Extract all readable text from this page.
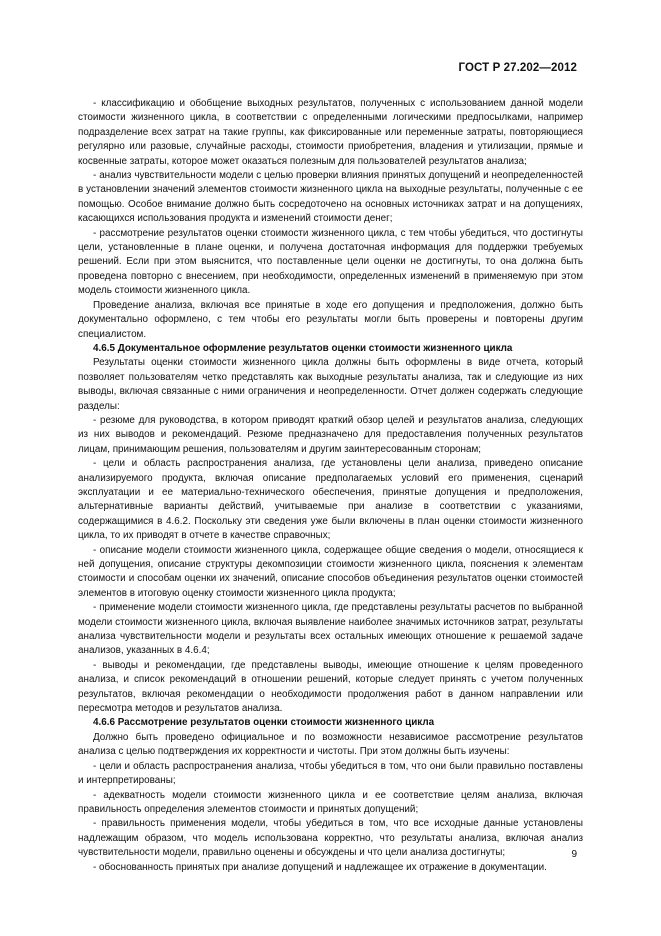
ГОСТ Р 27.202—2012

- классификацию и обобщение выходных результатов, полученных с использованием данной модели стоимости жизненного цикла, в соответствии с определенными логическими предпосылками, например подразделение всех затрат на такие группы, как фиксированные или переменные затраты, повторяющиеся регулярно или разовые, случайные расходы, стоимости приобретения, владения и утилизации, прямые и косвенные затраты, которое может оказаться полезным для пользователей результатов анализа;

- анализ чувствительности модели с целью проверки влияния принятых допущений и неопределенностей в установлении значений элементов стоимости жизненного цикла на выходные результаты, полученные с ее помощью. Особое внимание должно быть сосредоточено на основных источниках затрат и на допущениях, касающихся использования продукта и изменений стоимости денег;

- рассмотрение результатов оценки стоимости жизненного цикла, с тем чтобы убедиться, что достигнуты цели, установленные в плане оценки, и получена достаточная информация для поддержки требуемых решений. Если при этом выяснится, что поставленные цели оценки не достигнуты, то она должна быть проведена повторно с внесением, при необходимости, определенных изменений в применяемую при этом модель стоимости жизненного цикла.

Проведение анализа, включая все принятые в ходе его допущения и предположения, должно быть документально оформлено, с тем чтобы его результаты могли быть проверены и повторены другим специалистом.

4.6.5 Документальное оформление результатов оценки стоимости жизненного цикла

Результаты оценки стоимости жизненного цикла должны быть оформлены в виде отчета, который позволяет пользователям четко представлять как выходные результаты анализа, так и следующие из них выводы, включая связанные с ними ограничения и неопределенности. Отчет должен содержать следующие разделы:

- резюме для руководства, в котором приводят краткий обзор целей и результатов анализа, следующих из них выводов и рекомендаций. Резюме предназначено для предоставления полученных результатов лицам, принимающим решения, пользователям и другим заинтересованным сторонам;

- цели и область распространения анализа, где установлены цели анализа, приведено описание анализируемого продукта, включая описание предполагаемых условий его применения, сценарий эксплуатации и ее материально-технического обеспечения, принятые допущения и предположения, альтернативные варианты действий, учитываемые при анализе в соответствии с указаниями, содержащимися в 4.6.2. Поскольку эти сведения уже были включены в план оценки стоимости жизненного цикла, то их приводят в отчете в качестве справочных;

- описание модели стоимости жизненного цикла, содержащее общие сведения о модели, относящиеся к ней допущения, описание структуры декомпозиции стоимости жизненного цикла, пояснения к элементам стоимости и способам оценки их значений, описание способов объединения результатов оценки стоимостей элементов в итоговую оценку стоимости жизненного цикла продукта;

- применение модели стоимости жизненного цикла, где представлены результаты расчетов по выбранной модели стоимости жизненного цикла, включая выявление наиболее значимых источников затрат, результаты анализа чувствительности модели и результаты всех остальных имеющих отношение к решаемой задаче анализов, указанных в 4.6.4;

- выводы и рекомендации, где представлены выводы, имеющие отношение к целям проведенного анализа, и список рекомендаций в отношении решений, которые следует принять с учетом полученных результатов, включая рекомендации о необходимости продолжения работ в данном направлении или пересмотра методов и результатов анализа.

4.6.6 Рассмотрение результатов оценки стоимости жизненного цикла

Должно быть проведено официальное и по возможности независимое рассмотрение результатов анализа с целью подтверждения их корректности и чистоты. При этом должны быть изучены:

- цели и область распространения анализа, чтобы убедиться в том, что они были правильно поставлены и интерпретированы;

- адекватность модели стоимости жизненного цикла и ее соответствие целям анализа, включая правильность определения элементов стоимости и принятых допущений;

- правильность применения модели, чтобы убедиться в том, что все исходные данные установлены надлежащим образом, что модель использована корректно, что результаты анализа, включая анализ чувствительности модели, правильно оценены и обсуждены и что цели анализа достигнуты;

- обоснованность принятых при анализе допущений и надлежащее их отражение в документации.

9
